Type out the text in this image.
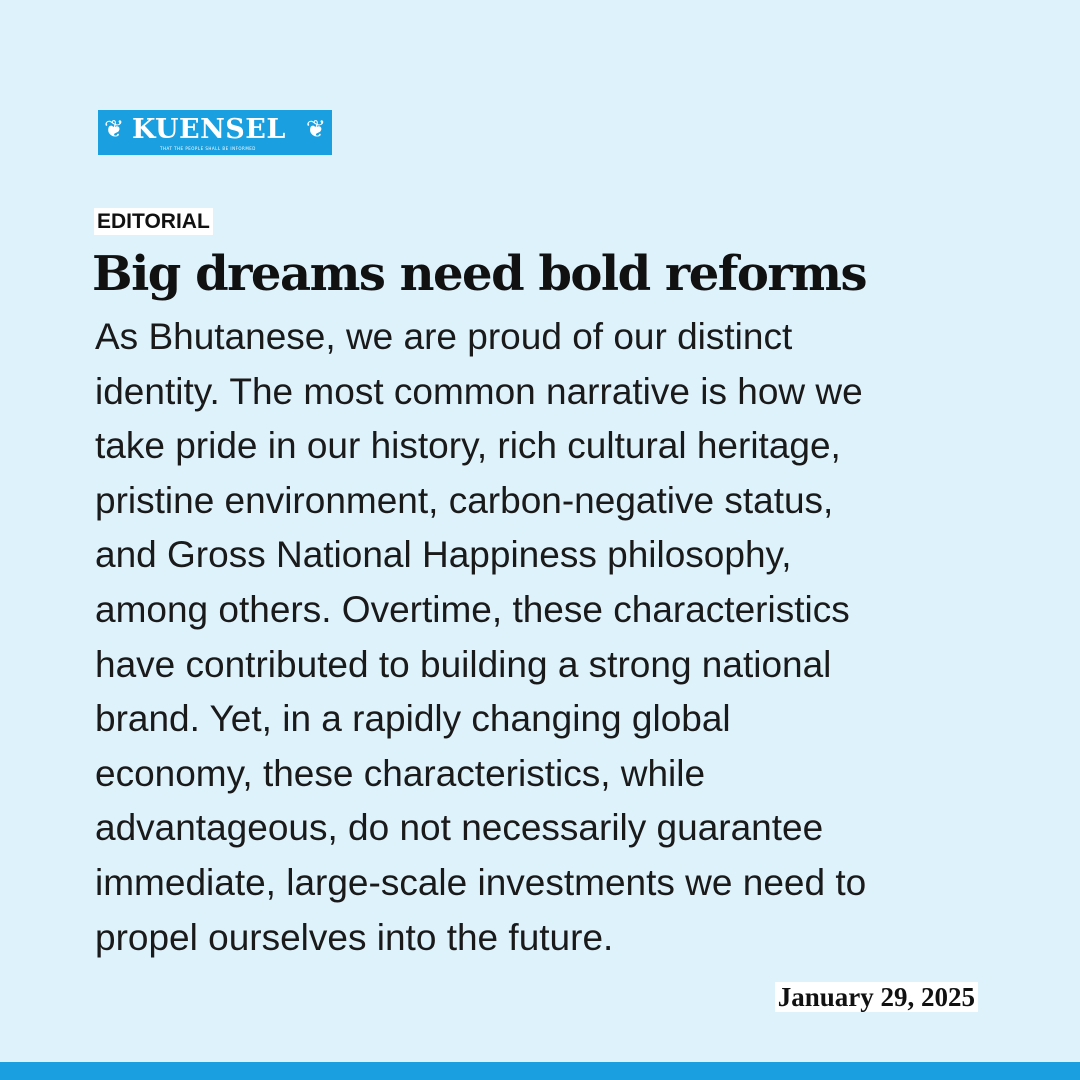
❦ KUENSEL
THAT THE PEOPLE SHALL BE INFORMED
❦
EDITORIAL
Big dreams need bold reforms

As Bhutanese, we are proud of our distinct
identity. The most common narrative is how we
take pride in our history, rich cultural heritage,
pristine environment, carbon-negative status,
and Gross National Happiness philosophy,
among others. Overtime, these characteristics
have contributed to building a strong national
brand. Yet, in a rapidly changing global
economy, these characteristics, while
advantageous, do not necessarily guarantee
immediate, large-scale investments we need to
propel ourselves into the future.

January 29, 2025
